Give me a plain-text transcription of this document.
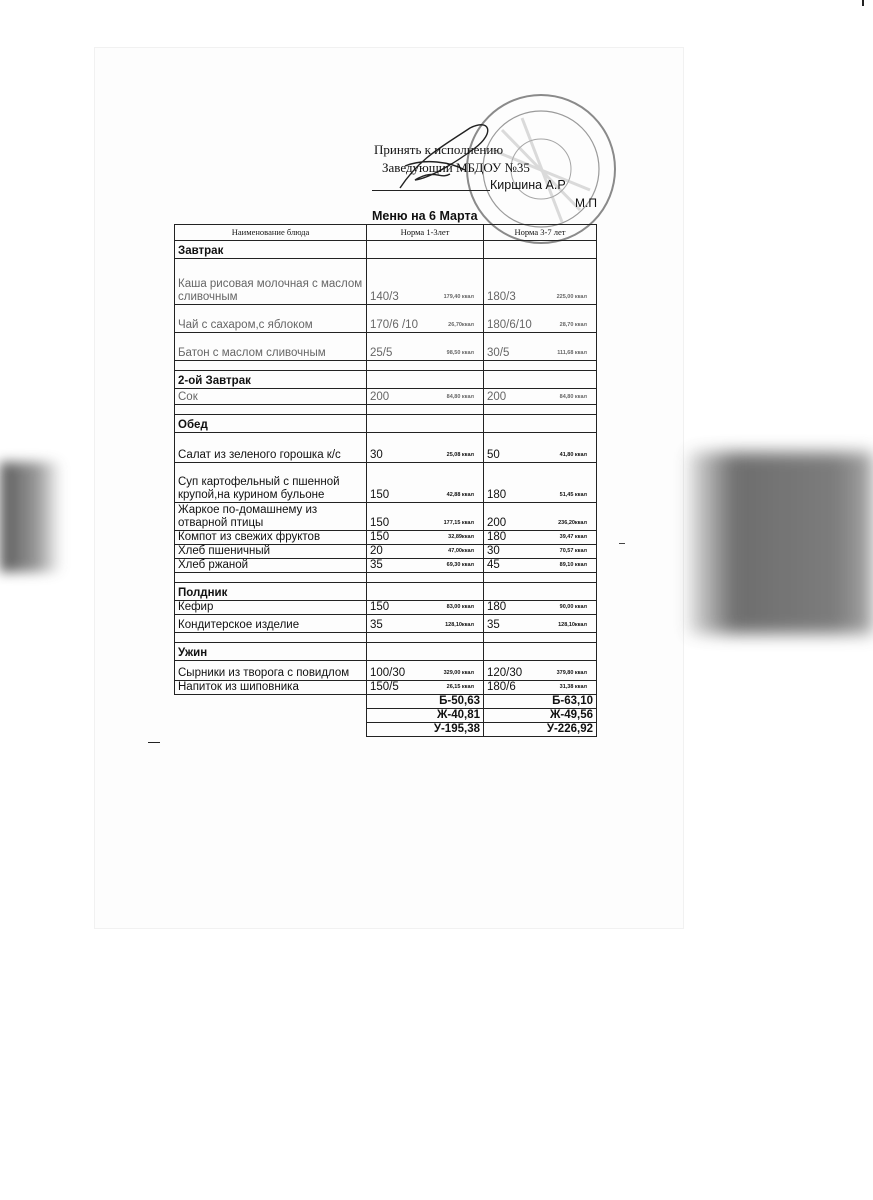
Принять к исполнению
Заведующий МБДОУ №35
Киршина А.Р
М.П
Меню на 6 Марта
Наименование блюда	Норма 1-3лет	Норма 3-7 лет
Завтрак		
Каша рисовая молочная с маслом сливочным	140/3 179,40 ккал	180/3 225,00 ккал

Чай с сахаром,с яблоком	170/6 /10 26,70ккал	180/6/10 28,70 ккал

Батон с маслом сливочным	25/5 98,50 ккал	30/5 111,68 ккал

2-ой Завтрак		
Сок	200 84,80 ккал	200 84,80 ккал

Обед		
Салат из зеленого горошка к/с	30 25,08 ккал	50 41,80 ккал

Суп картофельный с пшенной крупой,на курином бульоне	150 42,88 ккал	180 51,45 ккал

Жаркое по-домашнему из отварной птицы	150 177,15 ккал	200 236,20ккал

Компот из свежих фруктов	150 32,89ккал	180 39,47 ккал

Хлеб пшеничный	20 47,00ккал	30 70,57 ккал

Хлеб ржаной	35 69,30 ккал	45 89,10 ккал

Полдник		
Кефир	150 83,00 ккал	180 90,00 ккал

Кондитерское изделие	35 128,10ккал	35 128,10ккал

Ужин		
Сырники из творога с повидлом	100/30 329,00 ккал	120/30 379,80 ккал

Напиток из шиповника	150/5 26,15 ккал	180/6 31,38 ккал

	Б-50,63	Б-63,10
	Ж-40,81	Ж-49,56
	У-195,38	У-226,92
